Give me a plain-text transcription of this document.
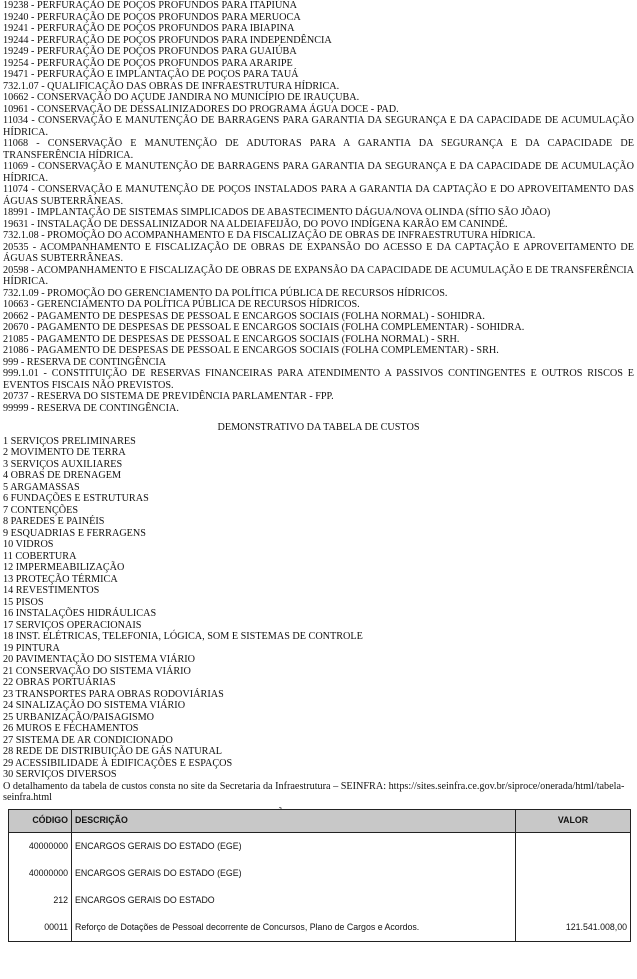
19238 - PERFURAÇÃO DE POÇOS PROFUNDOS PARA ITAPIÚNA
19240 - PERFURAÇÃO DE POÇOS PROFUNDOS PARA MERUOCA
19241 - PERFURAÇÃO DE POÇOS PROFUNDOS PARA IBIAPINA
19244 - PERFURAÇÃO DE POÇOS PROFUNDOS PARA INDEPENDÊNCIA
19249 - PERFURAÇÃO DE POÇOS PROFUNDOS PARA GUAIÚBA
19254 - PERFURAÇÃO DE POÇOS PROFUNDOS PARA ARARIPE
19471 - PERFURAÇÃO E IMPLANTAÇÃO DE POÇOS PARA TAUÁ
732.1.07 - QUALIFICAÇÃO DAS OBRAS DE INFRAESTRUTURA HÍDRICA.
10662 - CONSERVAÇÃO DO AÇUDE JANDIRA NO MUNICÍPIO DE IRAUÇUBA.
10961 - CONSERVAÇÃO DE DESSALINIZADORES DO PROGRAMA ÁGUA DOCE - PAD.
11034 - CONSERVAÇÃO E MANUTENÇÃO DE BARRAGENS PARA GARANTIA DA SEGURANÇA E DA CAPACIDADE DE ACUMULAÇÃO HÍDRICA.
11068 - CONSERVAÇÃO E MANUTENÇÃO DE ADUTORAS PARA A GARANTIA DA SEGURANÇA E DA CAPACIDADE DE TRANSFERÊNCIA HÍDRICA.
11069 - CONSERVAÇÃO E MANUTENÇÃO DE BARRAGENS PARA GARANTIA DA SEGURANÇA E DA CAPACIDADE DE ACUMULAÇÃO HÍDRICA.
11074 - CONSERVAÇÃO E MANUTENÇÃO DE POÇOS INSTALADOS PARA A GARANTIA DA CAPTAÇÃO E DO APROVEITAMENTO DAS ÁGUAS SUBTERRÂNEAS.
18991 - IMPLANTAÇÃO DE SISTEMAS SIMPLICADOS DE ABASTECIMENTO DÁGUA/NOVA OLINDA (SÍTIO SÃO JÕAO)
19631 - INSTALAÇÃO DE DESSALINIZADOR NA ALDEIAFEIJÃO, DO POVO INDÍGENA KARÃO EM CANINDÉ.
732.1.08 - PROMOÇÃO DO ACOMPANHAMENTO E DA FISCALIZAÇÃO DE OBRAS DE INFRAESTRUTURA HÍDRICA.
20535 - ACOMPANHAMENTO E FISCALIZAÇÃO DE OBRAS DE EXPANSÃO DO ACESSO E DA CAPTAÇÃO E APROVEITAMENTO DE ÁGUAS SUBTERRÂNEAS.
20598 - ACOMPANHAMENTO E FISCALIZAÇÃO DE OBRAS DE EXPANSÃO DA CAPACIDADE DE ACUMULAÇÃO E DE TRANSFERÊNCIA HÍDRICA.
732.1.09 - PROMOÇÃO DO GERENCIAMENTO DA POLÍTICA PÚBLICA DE RECURSOS HÍDRICOS.
10663 - GERENCIAMENTO DA POLÍTICA PÚBLICA DE RECURSOS HÍDRICOS.
20662 - PAGAMENTO DE DESPESAS DE PESSOAL E ENCARGOS SOCIAIS (FOLHA NORMAL) - SOHIDRA.
20670 - PAGAMENTO DE DESPESAS DE PESSOAL E ENCARGOS SOCIAIS (FOLHA COMPLEMENTAR) - SOHIDRA.
21085 - PAGAMENTO DE DESPESAS DE PESSOAL E ENCARGOS SOCIAIS (FOLHA NORMAL) - SRH.
21086 - PAGAMENTO DE DESPESAS DE PESSOAL E ENCARGOS SOCIAIS (FOLHA COMPLEMENTAR) - SRH.
999 - RESERVA DE CONTINGÊNCIA
999.1.01 - CONSTITUIÇÃO DE RESERVAS FINANCEIRAS PARA ATENDIMENTO A PASSIVOS CONTINGENTES E OUTROS RISCOS E EVENTOS FISCAIS NÃO PREVISTOS.
20737 - RESERVA DO SISTEMA DE PREVIDÊNCIA PARLAMENTAR - FPP.
99999 - RESERVA DE CONTINGÊNCIA.
DEMONSTRATIVO DA TABELA DE CUSTOS
1 SERVIÇOS PRELIMINARES
2 MOVIMENTO DE TERRA
3 SERVIÇOS AUXILIARES
4 OBRAS DE DRENAGEM
5 ARGAMASSAS
6 FUNDAÇÕES E ESTRUTURAS
7 CONTENÇÕES
8 PAREDES E PAINÉIS
9 ESQUADRIAS E FERRAGENS
10 VIDROS
11 COBERTURA
12 IMPERMEABILIZAÇÃO
13 PROTEÇÃO TÉRMICA
14 REVESTIMENTOS
15 PISOS
16 INSTALAÇÕES HIDRÁULICAS
17 SERVIÇOS OPERACIONAIS
18 INST. ELÉTRICAS, TELEFONIA, LÓGICA, SOM E SISTEMAS DE CONTROLE
19 PINTURA
20 PAVIMENTAÇÃO DO SISTEMA VIÁRIO
21 CONSERVAÇÃO DO SISTEMA VIÁRIO
22 OBRAS PORTUÁRIAS
23 TRANSPORTES PARA OBRAS RODOVIÁRIAS
24 SINALIZAÇÃO DO SISTEMA VIÁRIO
25 URBANIZAÇÃO/PAISAGISMO
26 MUROS E FECHAMENTOS
27 SISTEMA DE AR CONDICIONADO
28 REDE DE DISTRIBUIÇÃO DE GÁS NATURAL
29 ACESSIBILIDADE À EDIFICAÇÕES E ESPAÇOS
30 SERVIÇOS DIVERSOS
O detalhamento da tabela de custos consta no site da Secretaria da Infraestrutura – SEINFRA: https://sites.seinfra.ce.gov.br/siproce/onerada/html/tabela-seinfra.html
CÓDIGO	DESCRIÇÃO	VALOR
40000000	ENCARGOS GERAIS DO ESTADO (EGE)	
40000000	ENCARGOS GERAIS DO ESTADO (EGE)	
212	ENCARGOS GERAIS DO ESTADO	
00011	Reforço de Dotações de Pessoal decorrente de Concursos, Plano de Cargos e Acordos.	121.541.008,00
